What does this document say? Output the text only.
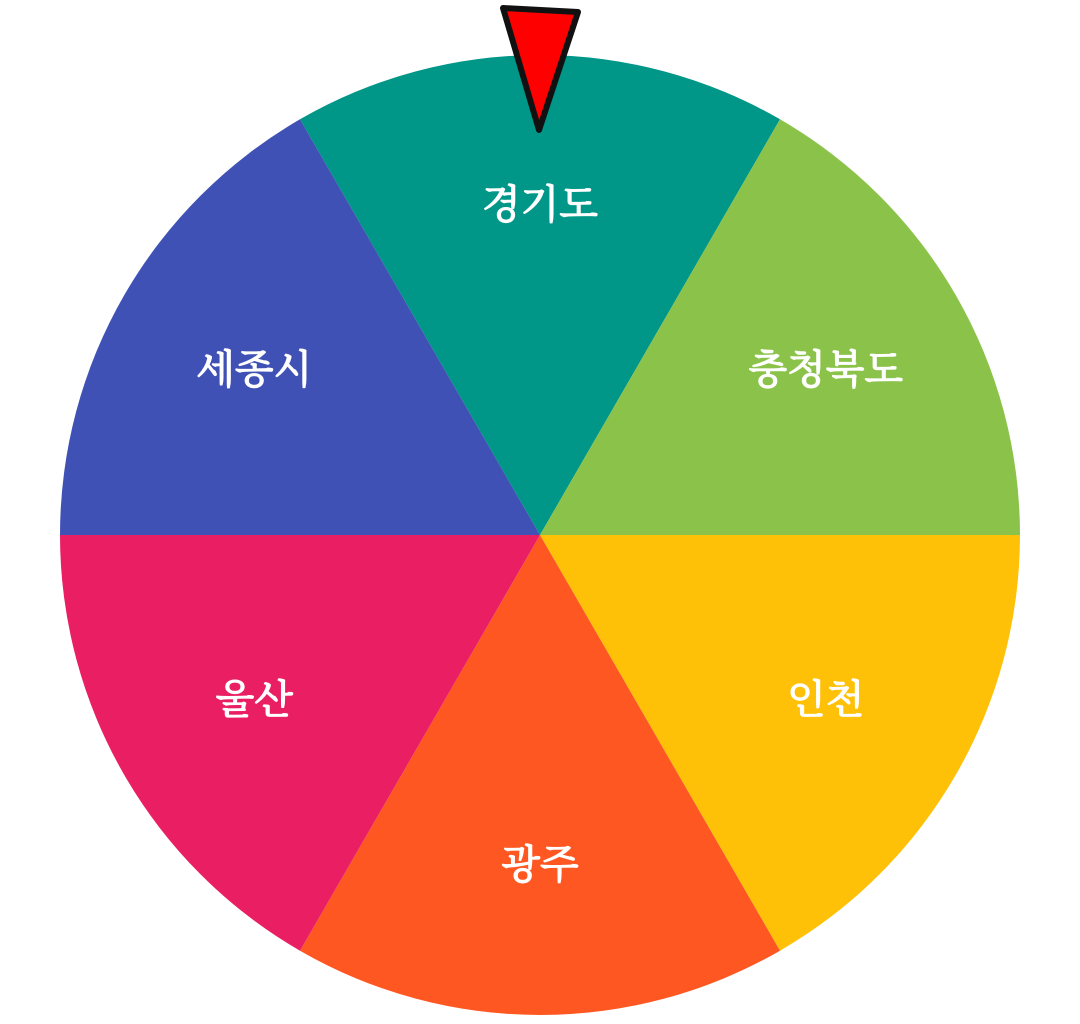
경기도
충청북도
인천
광주
울산
세종시
